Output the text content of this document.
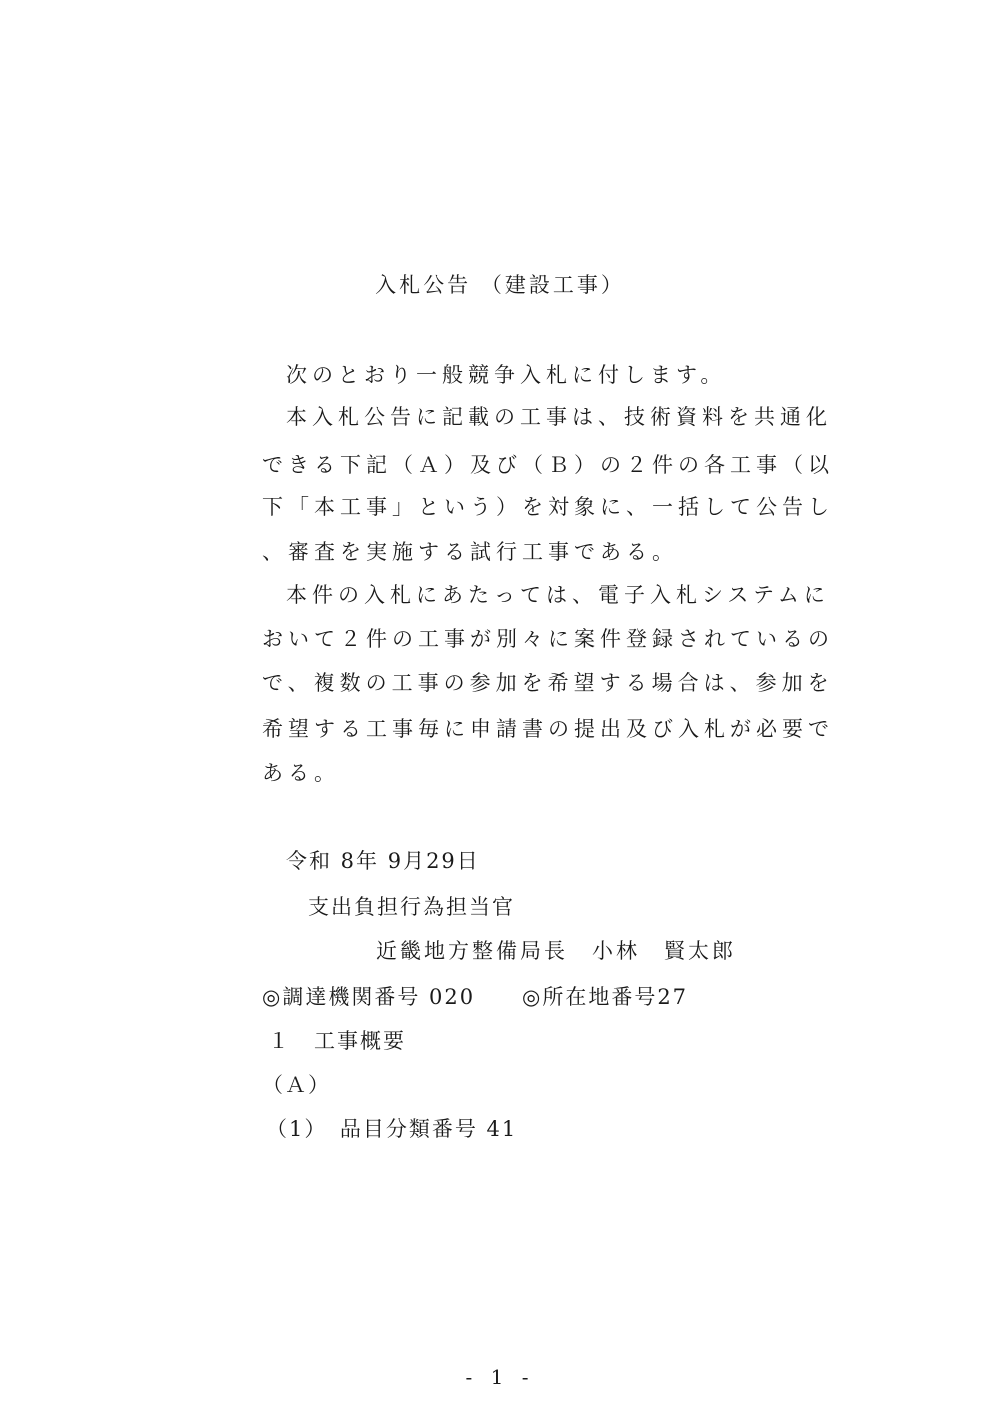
入札公告 （建設工事）
次のとおり一般競争入札に付します。
本入札公告に記載の工事は、技術資料を共通化
できる下記（Ａ）及び（Ｂ）の２件の各工事（以
下「本工事」という）を対象に、一括して公告し
、審査を実施する試行工事である。
本件の入札にあたっては、電子入札システムに
おいて２件の工事が別々に案件登録されているの
で、複数の工事の参加を希望する場合は、参加を
希望する工事毎に申請書の提出及び入札が必要で
ある。
令和 8年 9月29日
支出負担行為担当官
近畿地方整備局長　小林　賢太郎
◎調達機関番号 020 ◎所在地番号27
１　工事概要
（Ａ）
（1）　品目分類番号 41
- 1 -
